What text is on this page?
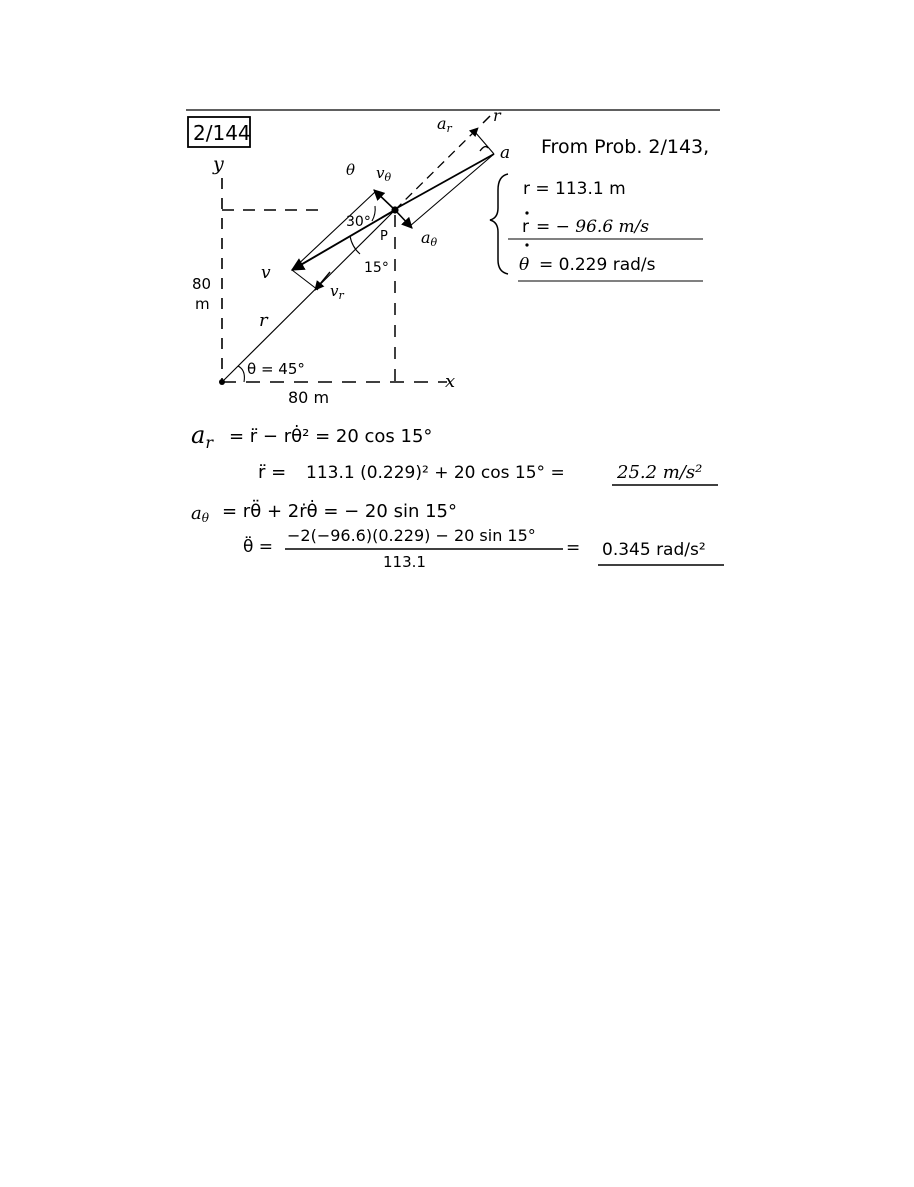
2/144
y
x
θ $v_\theta$
ar
r
a
aθ
30°
P
15°
v
$v_r$
r
80
m
θ = 45°
80 m
From Prob. 2/143,
r = 113.1 m
r = − 96.6 m/s
θ = 0.229 rad/s
$a_r$ = r̈ − rθ̇² = 20 cos 15°
r̈ = 113.1 (0.229)² + 20 cos 15° =	25.2 m/s²
aθ = rθ̈ + 2ṙθ̇ = − 20 sin 15°
θ̈ =
−2(−96.6)(0.229) − 20 sin 15°
113.1
= 0.345 rad/s²
